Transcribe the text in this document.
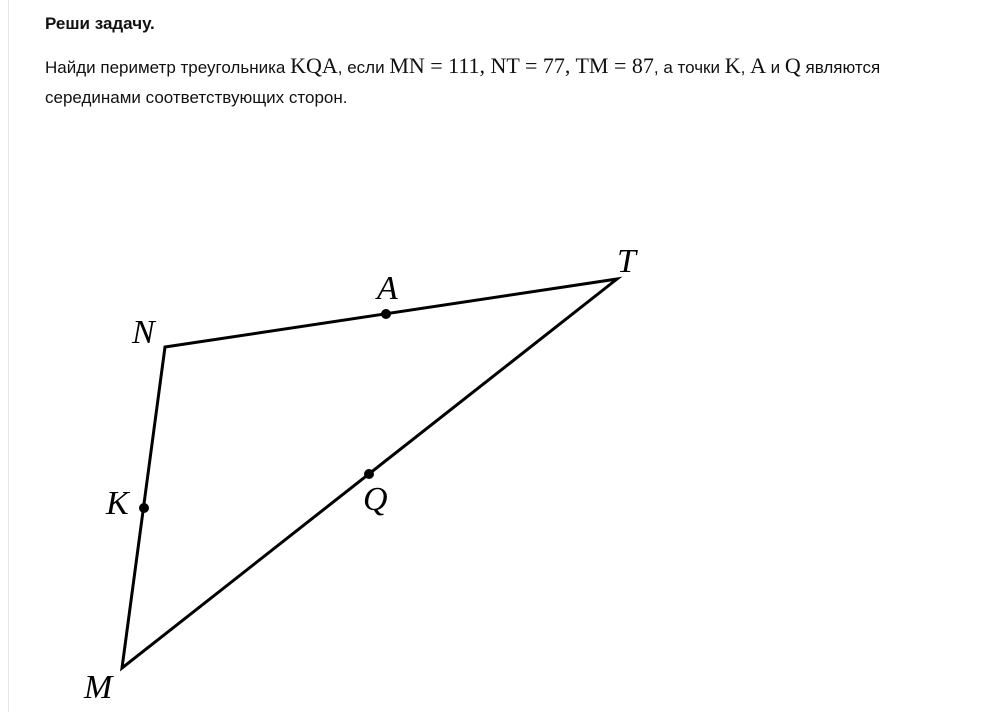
Реши задачу.

Найди периметр треугольника KQA, если MN = 111, NT = 77, TM = 87, а точки K, A и Q являются серединами соответствующих сторон.

N
T
M
A
K	Q
